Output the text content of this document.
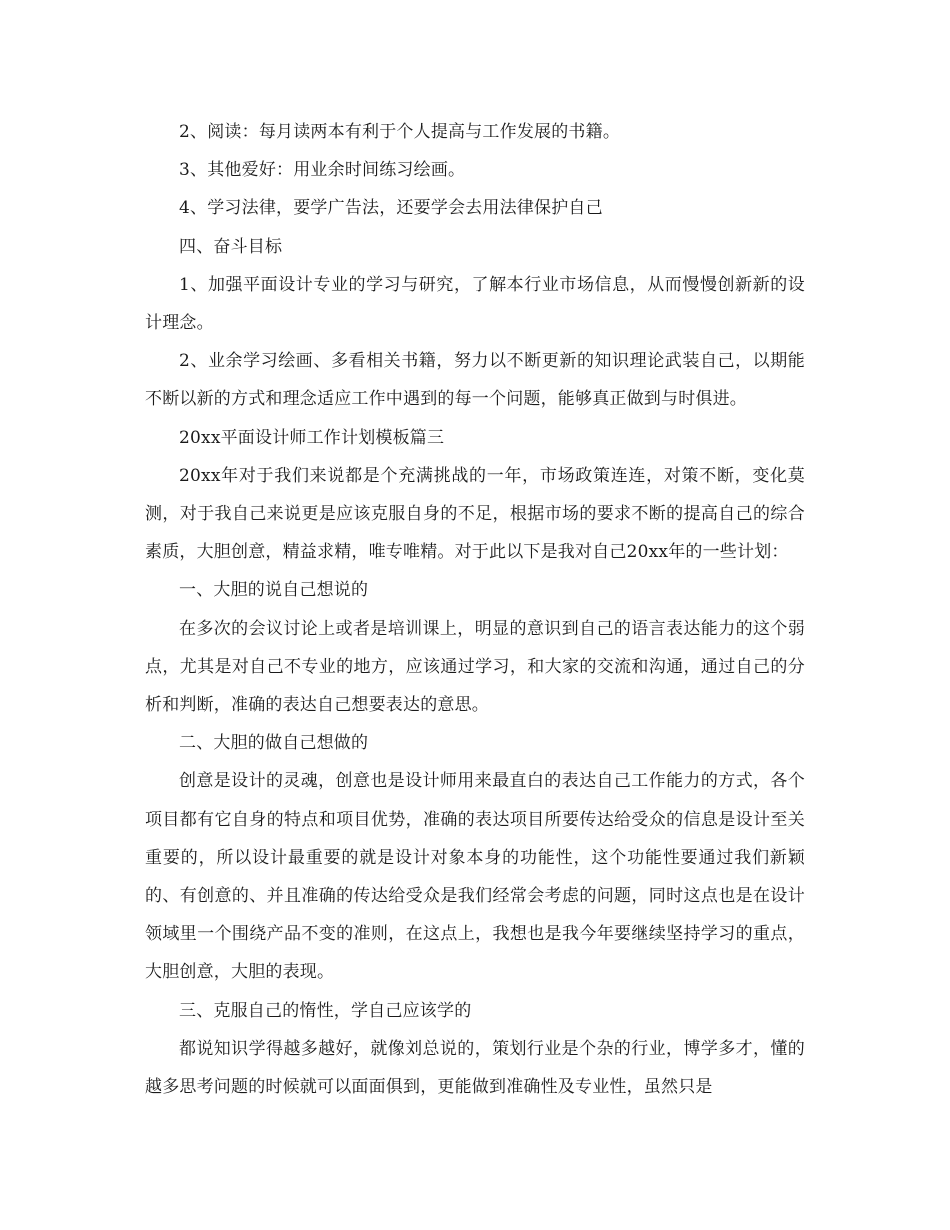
2、阅读：每月读两本有利于个人提高与工作发展的书籍。

3、其他爱好：用业余时间练习绘画。

4、学习法律，要学广告法，还要学会去用法律保护自己

四、奋斗目标

1、加强平面设计专业的学习与研究，了解本行业市场信息，从而慢慢创新新的设计理念。

2、业余学习绘画、多看相关书籍，努力以不断更新的知识理论武装自己，以期能不断以新的方式和理念适应工作中遇到的每一个问题，能够真正做到与时俱进。

20xx平面设计师工作计划模板篇三

20xx年对于我们来说都是个充满挑战的一年，市场政策连连，对策不断，变化莫测，对于我自己来说更是应该克服自身的不足，根据市场的要求不断的提高自己的综合素质，大胆创意，精益求精，唯专唯精。对于此以下是我对自己20xx年的一些计划：

一、大胆的说自己想说的

在多次的会议讨论上或者是培训课上，明显的意识到自己的语言表达能力的这个弱点，尤其是对自己不专业的地方，应该通过学习，和大家的交流和沟通，通过自己的分析和判断，准确的表达自己想要表达的意思。

二、大胆的做自己想做的

创意是设计的灵魂，创意也是设计师用来最直白的表达自己工作能力的方式，各个项目都有它自身的特点和项目优势，准确的表达项目所要传达给受众的信息是设计至关重要的，所以设计最重要的就是设计对象本身的功能性，这个功能性要通过我们新颖的、有创意的、并且准确的传达给受众是我们经常会考虑的问题，同时这点也是在设计领域里一个围绕产品不变的准则，在这点上，我想也是我今年要继续坚持学习的重点，大胆创意，大胆的表现。

三、克服自己的惰性，学自己应该学的

都说知识学得越多越好，就像刘总说的，策划行业是个杂的行业，博学多才，懂的越多思考问题的时候就可以面面俱到，更能做到准确性及专业性，虽然只是
